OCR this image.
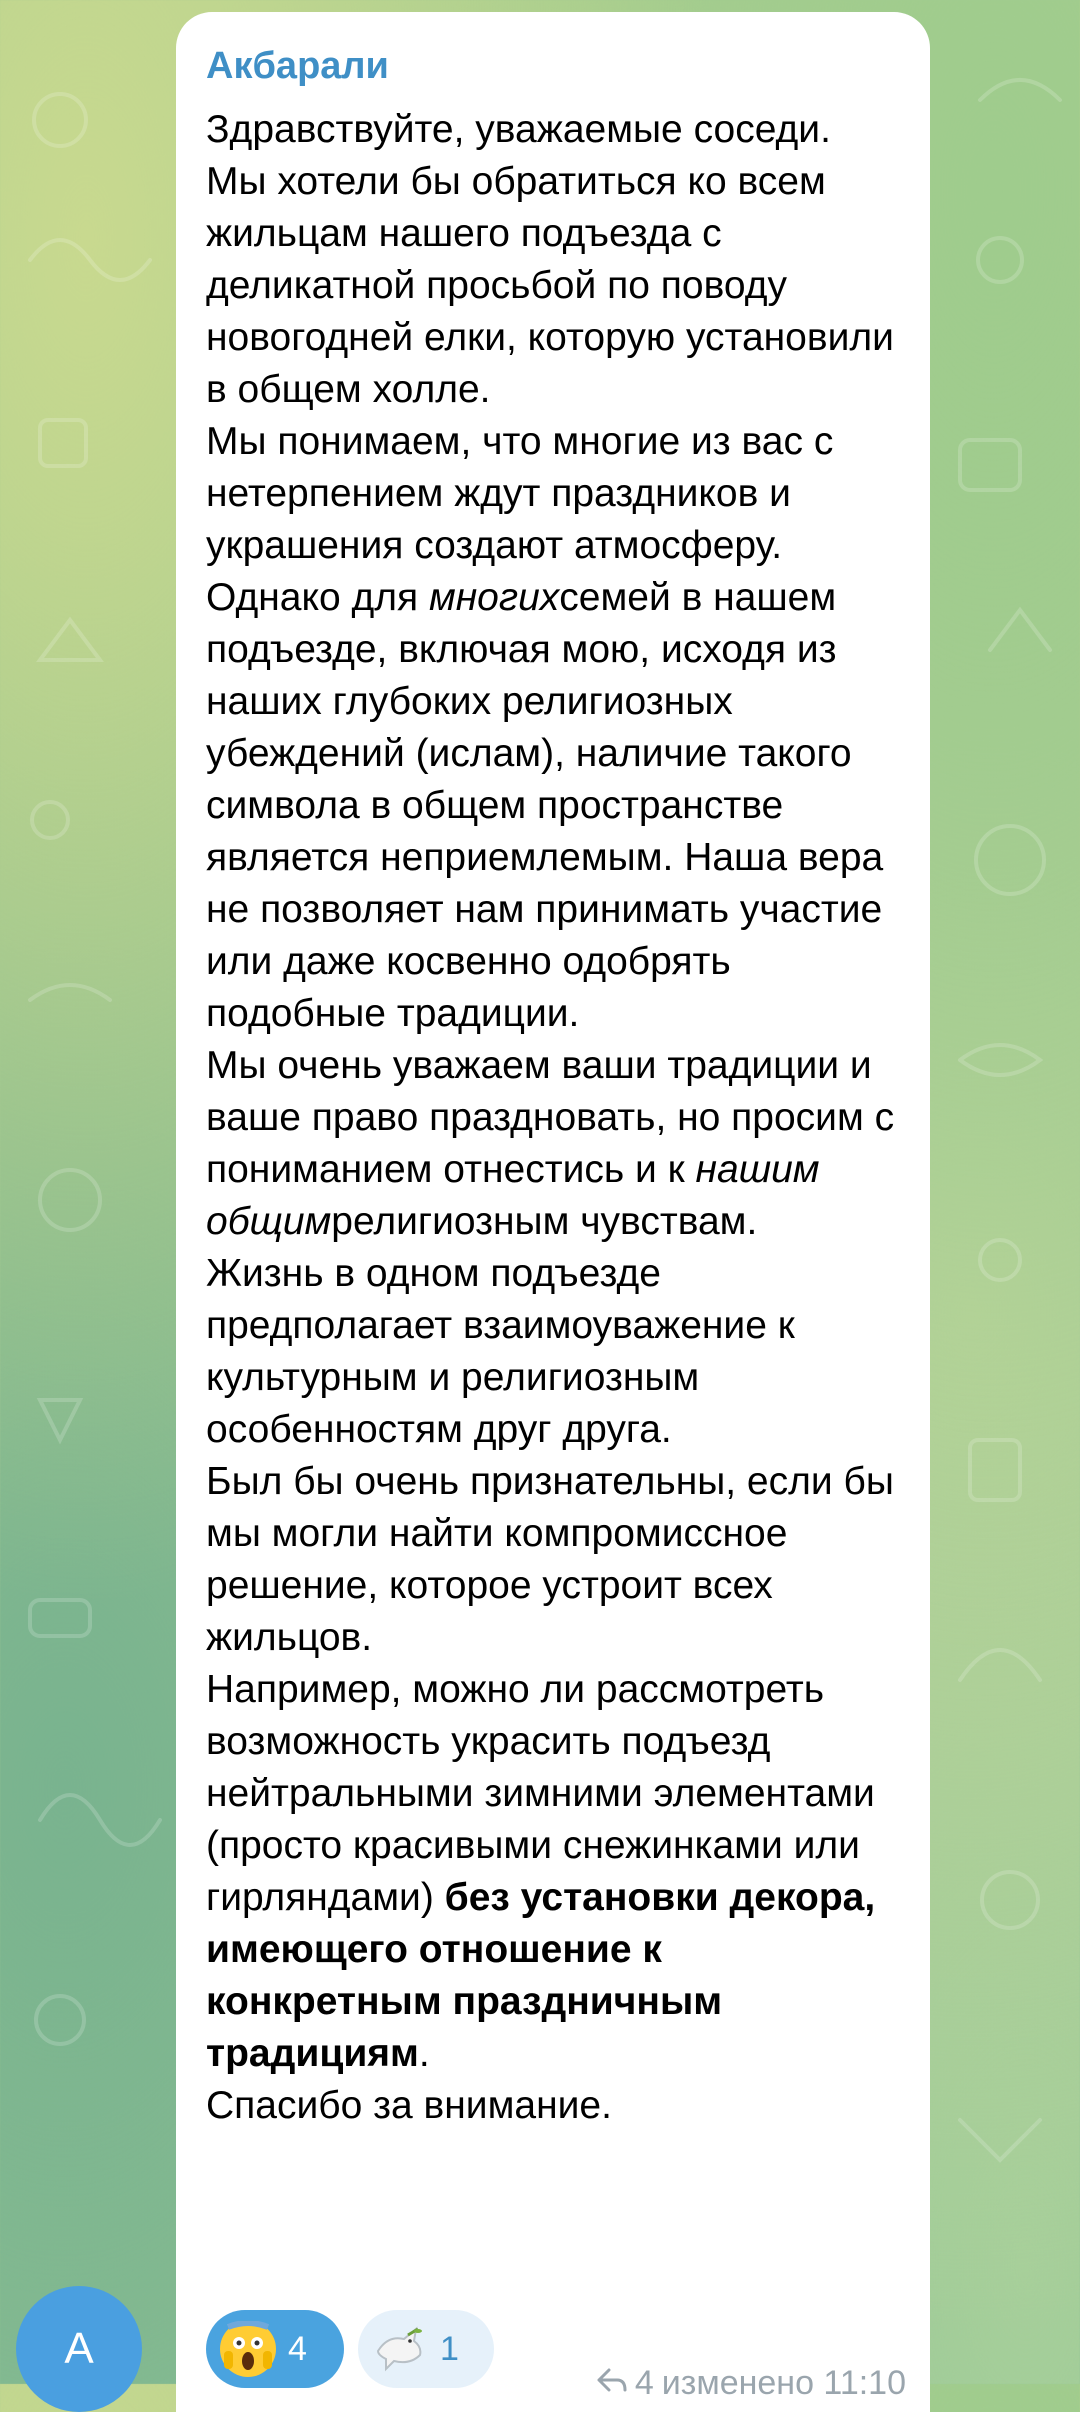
А
Акбарали
Здравствуйте, уважаемые соседи.
Мы хотели бы обратиться ко всем жильцам нашего подъезда с деликатной просьбой по поводу новогодней елки, которую установили в общем холле.
Мы понимаем, что многие из вас с нетерпением ждут праздников и украшения создают атмосферу.
Однако для многихсемей в нашем подъезде, включая мою, исходя из наших глубоких религиозных убеждений (ислам), наличие такого символа в общем пространстве является неприемлемым. Наша вера не позволяет нам принимать участие или даже косвенно одобрять подобные традиции.
Мы очень уважаем ваши традиции и ваше право праздновать, но просим с пониманием отнестись и к нашим общимрелигиозным чувствам.
Жизнь в одном подъезде предполагает взаимоуважение к культурным и религиозным особенностям друг друга.
Был бы очень признательны, если бы мы могли найти компромиссное решение, которое устроит всех жильцов.
Например, можно ли рассмотреть возможность украсить подъезд нейтральными зимними элементами (просто красивыми снежинками или гирляндами) без установки декора, имеющего отношение к конкретным праздничным традициям.
Спасибо за внимание.
4	1
4 изменено 11:10
